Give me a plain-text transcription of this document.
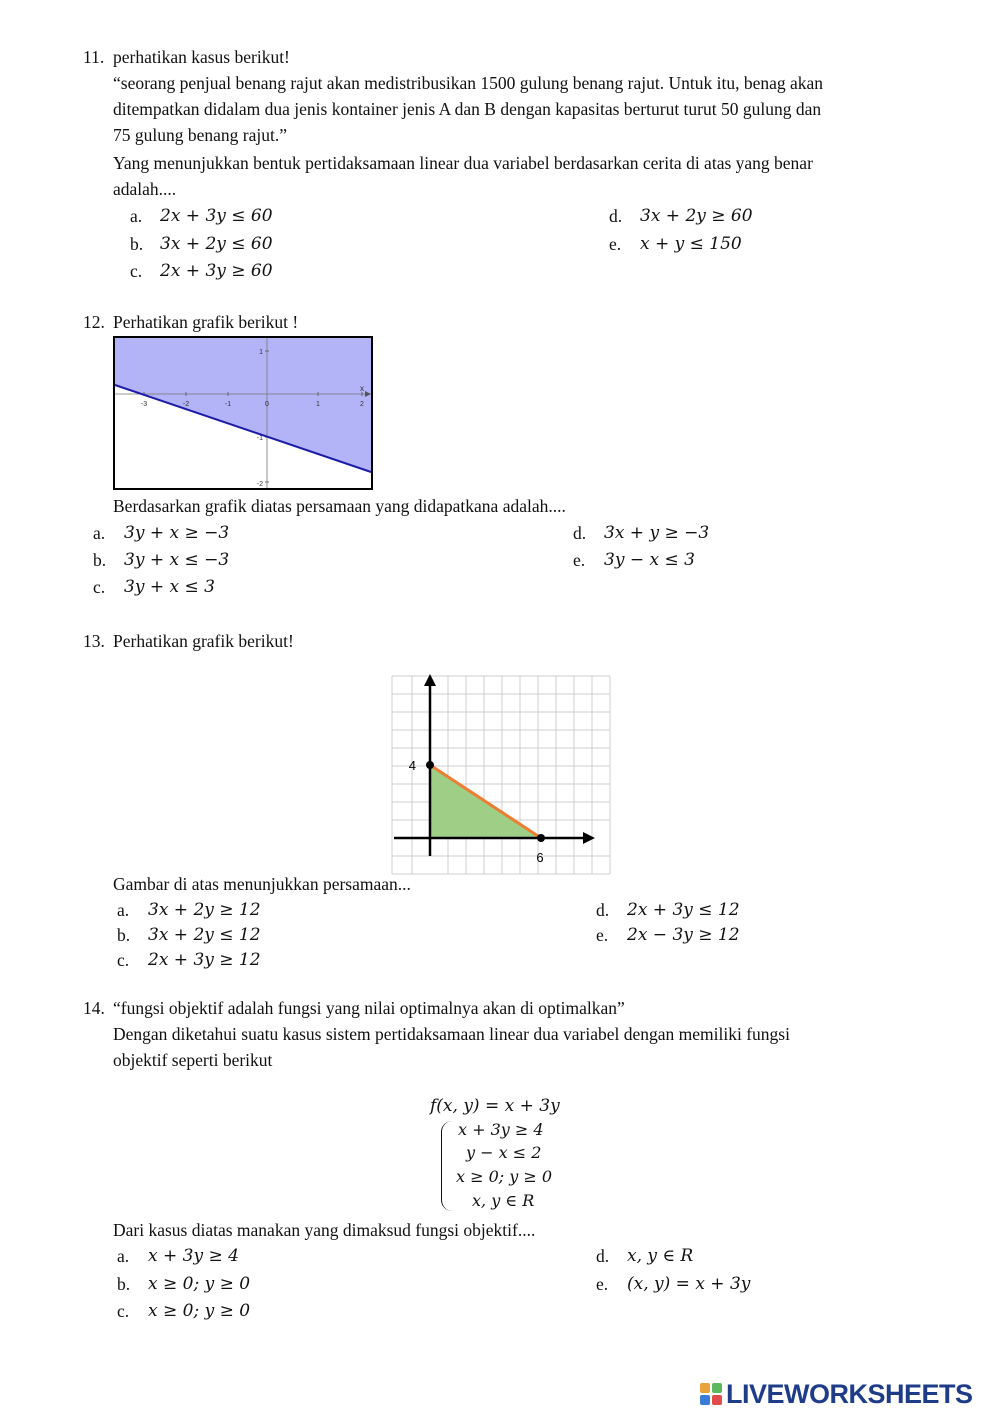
11. perhatikan kasus berikut!
“seorang penjual benang rajut akan medistribusikan 1500 gulung benang rajut. Untuk itu, benag akan
ditempatkan didalam dua jenis kontainer jenis A dan B dengan kapasitas berturut turut 50 gulung dan
75 gulung benang rajut.”
Yang menunjukkan bentuk pertidaksamaan linear dua variabel berdasarkan cerita di atas yang benar
adalah....
a. 2𝑥 + 3𝑦 ≤ 60
b. 3𝑥 + 2𝑦 ≤ 60
c. 2𝑥 + 3𝑦 ≥ 60
d. 3𝑥 + 2𝑦 ≥ 60
e. 𝑥 + 𝑦 ≤ 150
12. Perhatikan grafik berikut !
-3	-2	-1	0	1	2
x
1
-1
-2
Berdasarkan grafik diatas persamaan yang didapatkana adalah....
a. 3𝑦 + 𝑥 ≥ −3
b. 3𝑦 + 𝑥 ≤ −3
c. 3𝑦 + 𝑥 ≤ 3
d. 3𝑥 + 𝑦 ≥ −3
e. 3𝑦 − 𝑥 ≤ 3
13. Perhatikan grafik berikut!
4
6
Gambar di atas menunjukkan persamaan...
a. 3𝑥 + 2𝑦 ≥ 12
b. 3𝑥 + 2𝑦 ≤ 12
c. 2𝑥 + 3𝑦 ≥ 12
d. 2𝑥 + 3𝑦 ≤ 12
e. 2𝑥 − 3𝑦 ≥ 12
14. “fungsi objektif adalah fungsi yang nilai optimalnya akan di optimalkan”
Dengan diketahui suatu kasus sistem pertidaksamaan linear dua variabel dengan memiliki fungsi
objektif seperti berikut
𝑓(𝑥, 𝑦) = 𝑥 + 3𝑦
𝑥 + 3𝑦 ≥ 4
𝑦 − 𝑥 ≤ 2
𝑥 ≥ 0; 𝑦 ≥ 0
𝑥, 𝑦 ∈ 𝑅
Dari kasus diatas manakan yang dimaksud fungsi objektif....
a. 𝑥 + 3𝑦 ≥ 4
b. 𝑥 ≥ 0; 𝑦 ≥ 0
c. 𝑥 ≥ 0; 𝑦 ≥ 0
d. 𝑥, 𝑦 ∈ 𝑅
e. (𝑥, 𝑦) = 𝑥 + 3𝑦
LIVEWORKSHEETS
